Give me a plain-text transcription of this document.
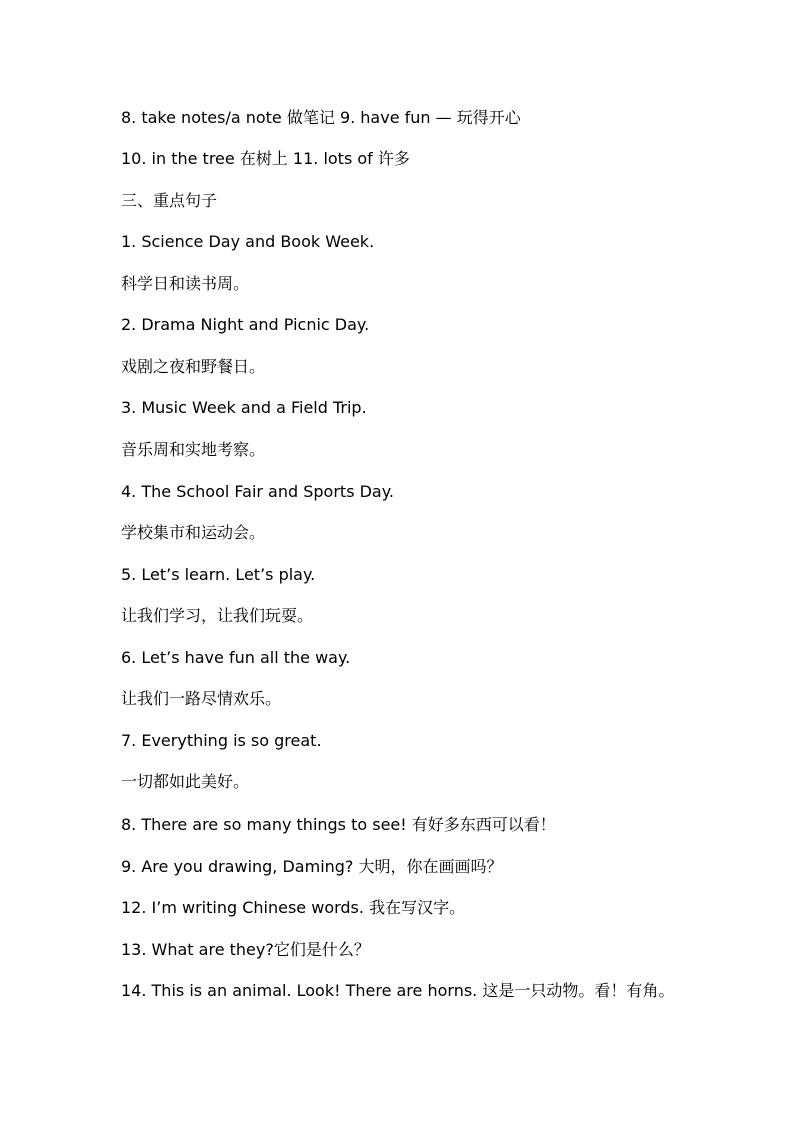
8. take notes/a note 做笔记 9. have fun — 玩得开心
10. in the tree 在树上 11. lots of 许多
三、重点句子
1. Science Day and Book Week.
科学日和读书周。
2. Drama Night and Picnic Day.
戏剧之夜和野餐日。
3. Music Week and a Field Trip.
音乐周和实地考察。
4. The School Fair and Sports Day.
学校集市和运动会。
5. Let’s learn. Let’s play.
让我们学习，让我们玩耍。
6. Let’s have fun all the way.
让我们一路尽情欢乐。
7. Everything is so great.
一切都如此美好。
8. There are so many things to see! 有好多东西可以看！
9. Are you drawing, Daming? 大明，你在画画吗？
12. I’m writing Chinese words. 我在写汉字。
13. What are they?它们是什么？
14. This is an animal. Look! There are horns. 这是一只动物。看！有角。
